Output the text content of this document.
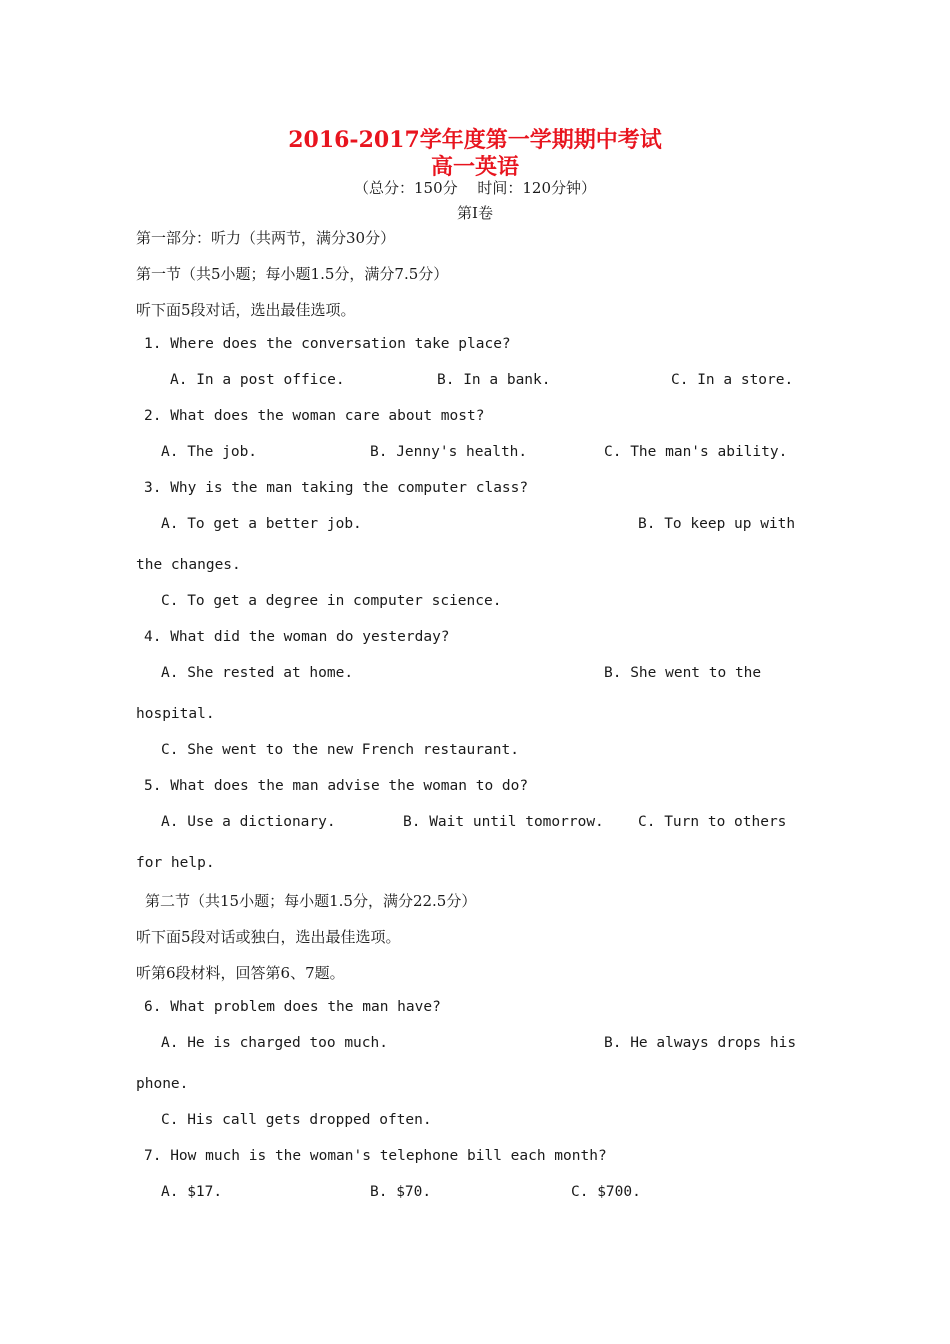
2016-2017学年度第一学期期中考试
高一英语
（总分：150分　 时间：120分钟）
第I卷
第一部分：听力（共两节，满分30分）
第一节（共5小题；每小题1.5分，满分7.5分）
听下面5段对话，选出最佳选项。
1. Where does the conversation take place?
A. In a post office.	B. In a bank.	C. In a store.
2. What does the woman care about most?
A. The job.	B. Jenny's health.	C. The man's ability.
3. Why is the man taking the computer class?
A. To get a better job.	B. To keep up with
the changes.
C. To get a degree in computer science.
4. What did the woman do yesterday?
A. She rested at home.	B. She went to the
hospital.
C. She went to the new French restaurant.
5. What does the man advise the woman to do?
A. Use a dictionary.	B. Wait until tomorrow. C. Turn to others
for help.
第二节（共15小题；每小题1.5分，满分22.5分）
听下面5段对话或独白，选出最佳选项。
听第6段材料，回答第6、7题。
6. What problem does the man have?
A. He is charged too much.	B. He always drops his
phone.
C. His call gets dropped often.
7. How much is the woman's telephone bill each month?
A. $17.	B. $70.	C. $700.
